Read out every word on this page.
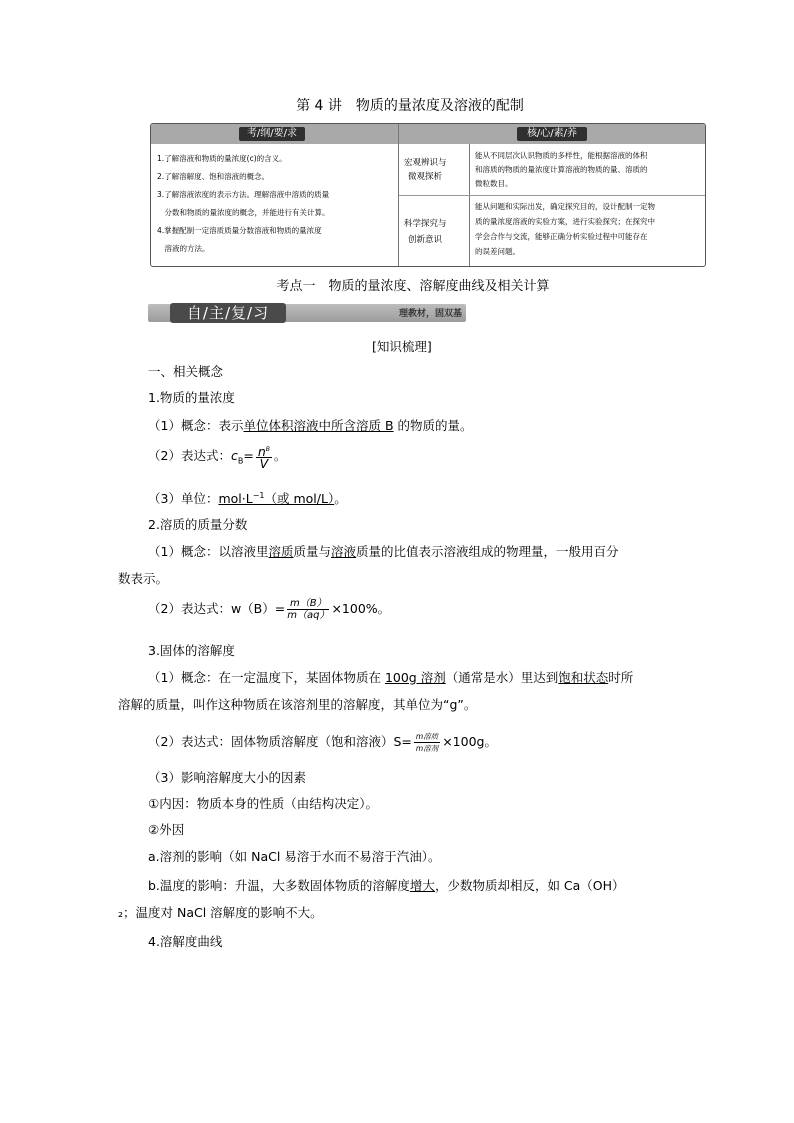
第 4 讲　物质的量浓度及溶液的配制
考/纲/要/求	核/心/素/养
1.了解溶液和物质的量浓度(c)的含义。
2.了解溶解度、饱和溶液的概念。
3.了解溶液浓度的表示方法。理解溶液中溶质的质量
　分数和物质的量浓度的概念，并能进行有关计算。
4.掌握配制一定溶质质量分数溶液和物质的量浓度
　溶液的方法。
宏观辨识与
微观探析
能从不同层次认识物质的多样性，能根据溶液的体积
和溶质的物质的量浓度计算溶液的物质的量、溶质的
微粒数目。
科学探究与
创新意识
能从问题和实际出发，确定探究目的，设计配制一定物
质的量浓度溶液的实验方案，进行实验探究；在探究中
学会合作与交流，能够正确分析实验过程中可能存在
的误差问题。
考点一　物质的量浓度、溶解度曲线及相关计算
自/主/复/习	理教材，固双基
[知识梳理]
一、相关概念
1.物质的量浓度
（1）概念：表示单位体积溶液中所含溶质 B 的物质的量。
（2）表达式：$c_B= \frac{n^B}{V}$ 。
（3）单位：$mol\cdot L^{-1}$（或 mol/L）。
2.溶质的质量分数
（1）概念：以溶液里溶质质量与溶液质量的比值表示溶液组成的物理量，一般用百分
数表示。
（2）表达式：$w(B)= \frac{m(B)}{m(aq)} \times 100\%$。
3.固体的溶解度
（1）概念：在一定温度下，某固体物质在 100g 溶剂（通常是水）里达到饱和状态时所
溶解的质量，叫作这种物质在该溶剂里的溶解度，其单位为“g”。
（2）表达式：固体物质溶解度（饱和溶液）$S= \frac{\text{m溶质}}{\text{m溶剂}} \times 100g$。
（3）影响溶解度大小的因素
①内因：物质本身的性质（由结构决定）。
②外因
a.溶剂的影响（如 NaCl 易溶于水而不易溶于汽油）。
b.温度的影响：升温，大多数固体物质的溶解度增大，少数物质却相反，如 Ca（OH）
₂；温度对 NaCl 溶解度的影响不大。
4.溶解度曲线
